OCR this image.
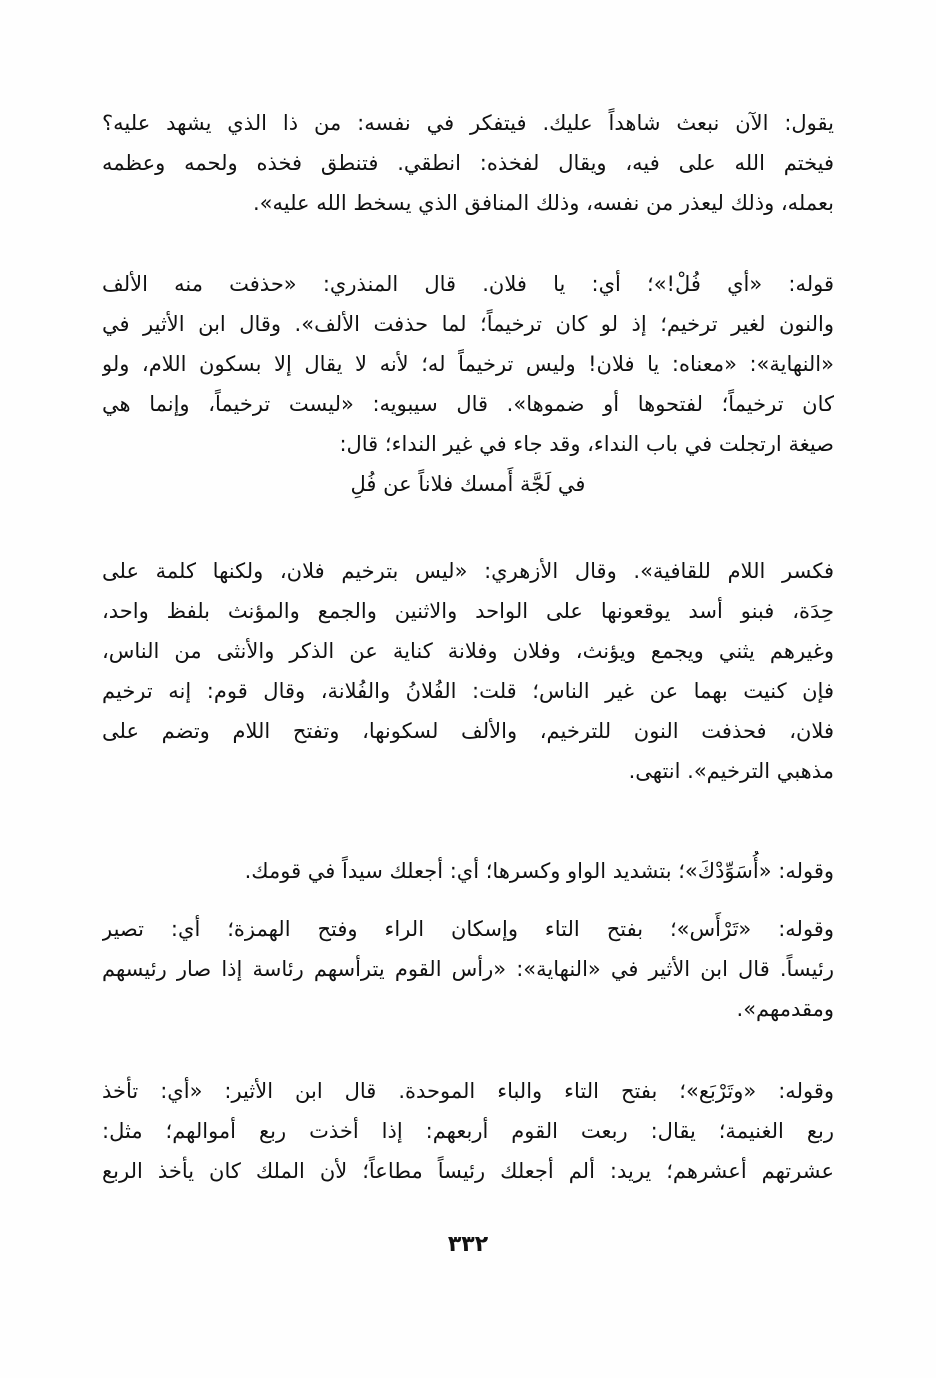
يقول: الآن نبعث شاهداً عليك. فيتفكر في نفسه: من ذا الذي يشهد عليه؟
فيختم الله على فيه، ويقال لفخذه: انطقي. فتنطق فخذه ولحمه وعظمه
بعمله، وذلك ليعذر من نفسه، وذلك المنافق الذي يسخط الله عليه».
قوله: «أي فُلْ!»؛ أي: يا فلان. قال المنذري: «حذفت منه الألف
والنون لغير ترخيم؛ إذ لو كان ترخيماً؛ لما حذفت الألف». وقال ابن الأثير في
«النهاية»: «معناه: يا فلان! وليس ترخيماً له؛ لأنه لا يقال إلا بسكون اللام، ولو
كان ترخيماً؛ لفتحوها أو ضموها». قال سيبويه: «ليست ترخيماً، وإنما هي
صيغة ارتجلت في باب النداء، وقد جاء في غير النداء؛ قال:
في لَجَّة أَمسك فلاناً عن فُلِ
فكسر اللام للقافية». وقال الأزهري: «ليس بترخيم فلان، ولكنها كلمة على
حِدَة، فبنو أسد يوقعونها على الواحد والاثنين والجمع والمؤنث بلفظ واحد،
وغيرهم يثني ويجمع ويؤنث، وفلان وفلانة كناية عن الذكر والأنثى من الناس،
فإن كنيت بهما عن غير الناس؛ قلت: الفُلانُ والفُلانة، وقال قوم: إنه ترخيم
فلان، فحذفت النون للترخيم، والألف لسكونها، وتفتح اللام وتضم على
مذهبي الترخيم». انتهى.
وقوله: «أُسَوِّدْكَ»؛ بتشديد الواو وكسرها؛ أي: أجعلك سيداً في قومك.
وقوله: «تَرْأَس»؛ بفتح التاء وإسكان الراء وفتح الهمزة؛ أي: تصير
رئيساً. قال ابن الأثير في «النهاية»: «رأس القوم يترأسهم رئاسة إذا صار رئيسهم
ومقدمهم».
وقوله: «وتَرْبَع»؛ بفتح التاء والباء الموحدة. قال ابن الأثير: «أي: تأخذ
ربع الغنيمة؛ يقال: ربعت القوم أربعهم: إذا أخذت ربع أموالهم؛ مثل:
عشرتهم أعشرهم؛ يريد: ألم أجعلك رئيساً مطاعاً؛ لأن الملك كان يأخذ الربع
٣٣٢
